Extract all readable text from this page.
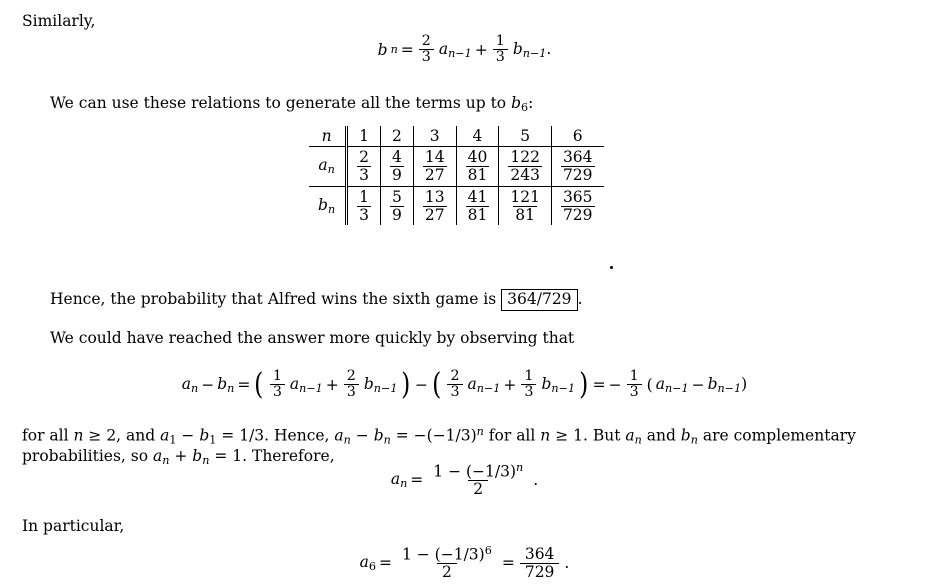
Similarly,
b $n = \frac{2}{3} a_{n-1} + \frac{1}{3} b_{n-1}$.
We can use these relations to generate all the terms up to $b_6$:
n	1	2	3	4	5	6
$a_n$	$\frac{2}{3}$	$\frac{4}{9}$	$\frac{14}{27}$	$\frac{40}{81}$	$\frac{122}{243}$	$\frac{364}{729}$

$b_n$	$\frac{1}{3}$	$\frac{5}{9}$	$\frac{13}{27}$	$\frac{41}{81}$	$\frac{121}{81}$	$\frac{365}{729}$
Hence, the probability that Alfred wins the sixth game is 364/729 .
We could have reached the answer more quickly by observing that
$a_n - b_n$ = ( $\frac{1}{3} a_{n-1} + \frac{2}{3} b_{n-1}$ ) − ( $\frac{2}{3} a_{n-1} + \frac{1}{3} b_{n-1}$ ) = − $\frac{1}{3}$ ( $a_{n-1} - b_{n-1}$)
for all n ≥ 2, and $a_1 - b_1 = 1/3$. Hence, $a_n - b_n = -(-1/3)^n$ for all n ≥ 1. But $a_n$ and $b_n$ are complementary
probabilities, so $a_n + b_n = 1$. Therefore,
$a_n = \frac{1 - (-1/3)^n}{2}$ .
In particular,
$a_6 = \frac{1 - (-1/3)^6}{2} = \frac{364}{729}$ .
